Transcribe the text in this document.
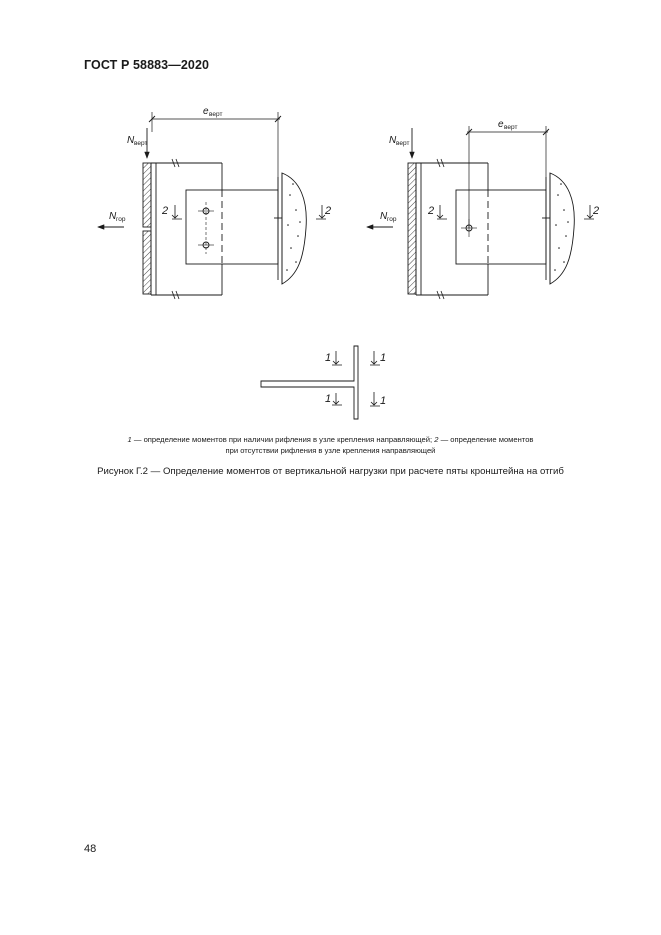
ГОСТ Р 58883—2020
N верт
N гор
e верт
2	2
N верт
N гор
e верт
2	2
1	1
1	1
1 — определение моментов при наличии рифления в узле крепления направляющей; 2 — определение моментов
при отсутствии рифления в узле крепления направляющей
Рисунок Г.2 — Определение моментов от вертикальной нагрузки при расчете пяты кронштейна на отгиб
48
